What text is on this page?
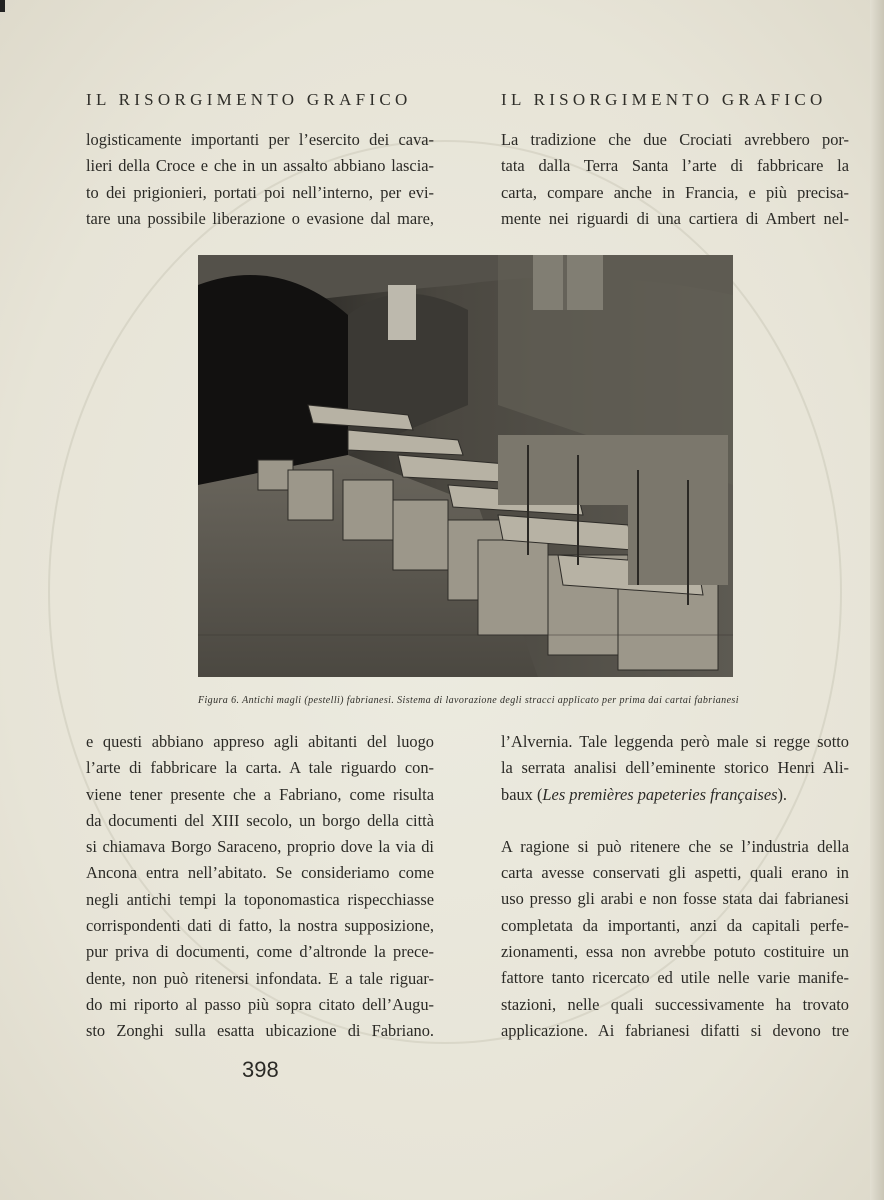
IL RISORGIMENTO GRAFICO	IL RISORGIMENTO GRAFICO

logisticamente importanti per l’esercito dei cava-

lieri della Croce e che in un assalto abbiano lascia-

to dei prigionieri, portati poi nell’interno, per evi-

tare una possibile liberazione o evasione dal mare,

La tradizione che due Crociati avrebbero por-

tata dalla Terra Santa l’arte di fabbricare la

carta, compare anche in Francia, e più precisa-

mente nei riguardi di una cartiera di Ambert nel-

Figura 6. Antichi magli (pestelli) fabrianesi. Sistema di lavorazione degli stracci applicato per prima dai cartai fabrianesi

e questi abbiano appreso agli abitanti del luogo

l’arte di fabbricare la carta. A tale riguardo con-

viene tener presente che a Fabriano, come risulta

da documenti del XIII secolo, un borgo della città

si chiamava Borgo Saraceno, proprio dove la via di

Ancona entra nell’abitato. Se consideriamo come

negli antichi tempi la toponomastica rispecchiasse

corrispondenti dati di fatto, la nostra supposizione,

pur priva di documenti, come d’altronde la prece-

dente, non può ritenersi infondata. E a tale riguar-

do mi riporto al passo più sopra citato dell’Augu-

sto Zonghi sulla esatta ubicazione di Fabriano.

l’Alvernia. Tale leggenda però male si regge sotto

la serrata analisi dell’eminente storico Henri Ali-

baux (Les premières papeteries françaises).

A ragione si può ritenere che se l’industria della

carta avesse conservati gli aspetti, quali erano in

uso presso gli arabi e non fosse stata dai fabrianesi

completata da importanti, anzi da capitali perfe-

zionamenti, essa non avrebbe potuto costituire un

fattore tanto ricercato ed utile nelle varie manife-

stazioni, nelle quali successivamente ha trovato

applicazione. Ai fabrianesi difatti si devono tre

398
